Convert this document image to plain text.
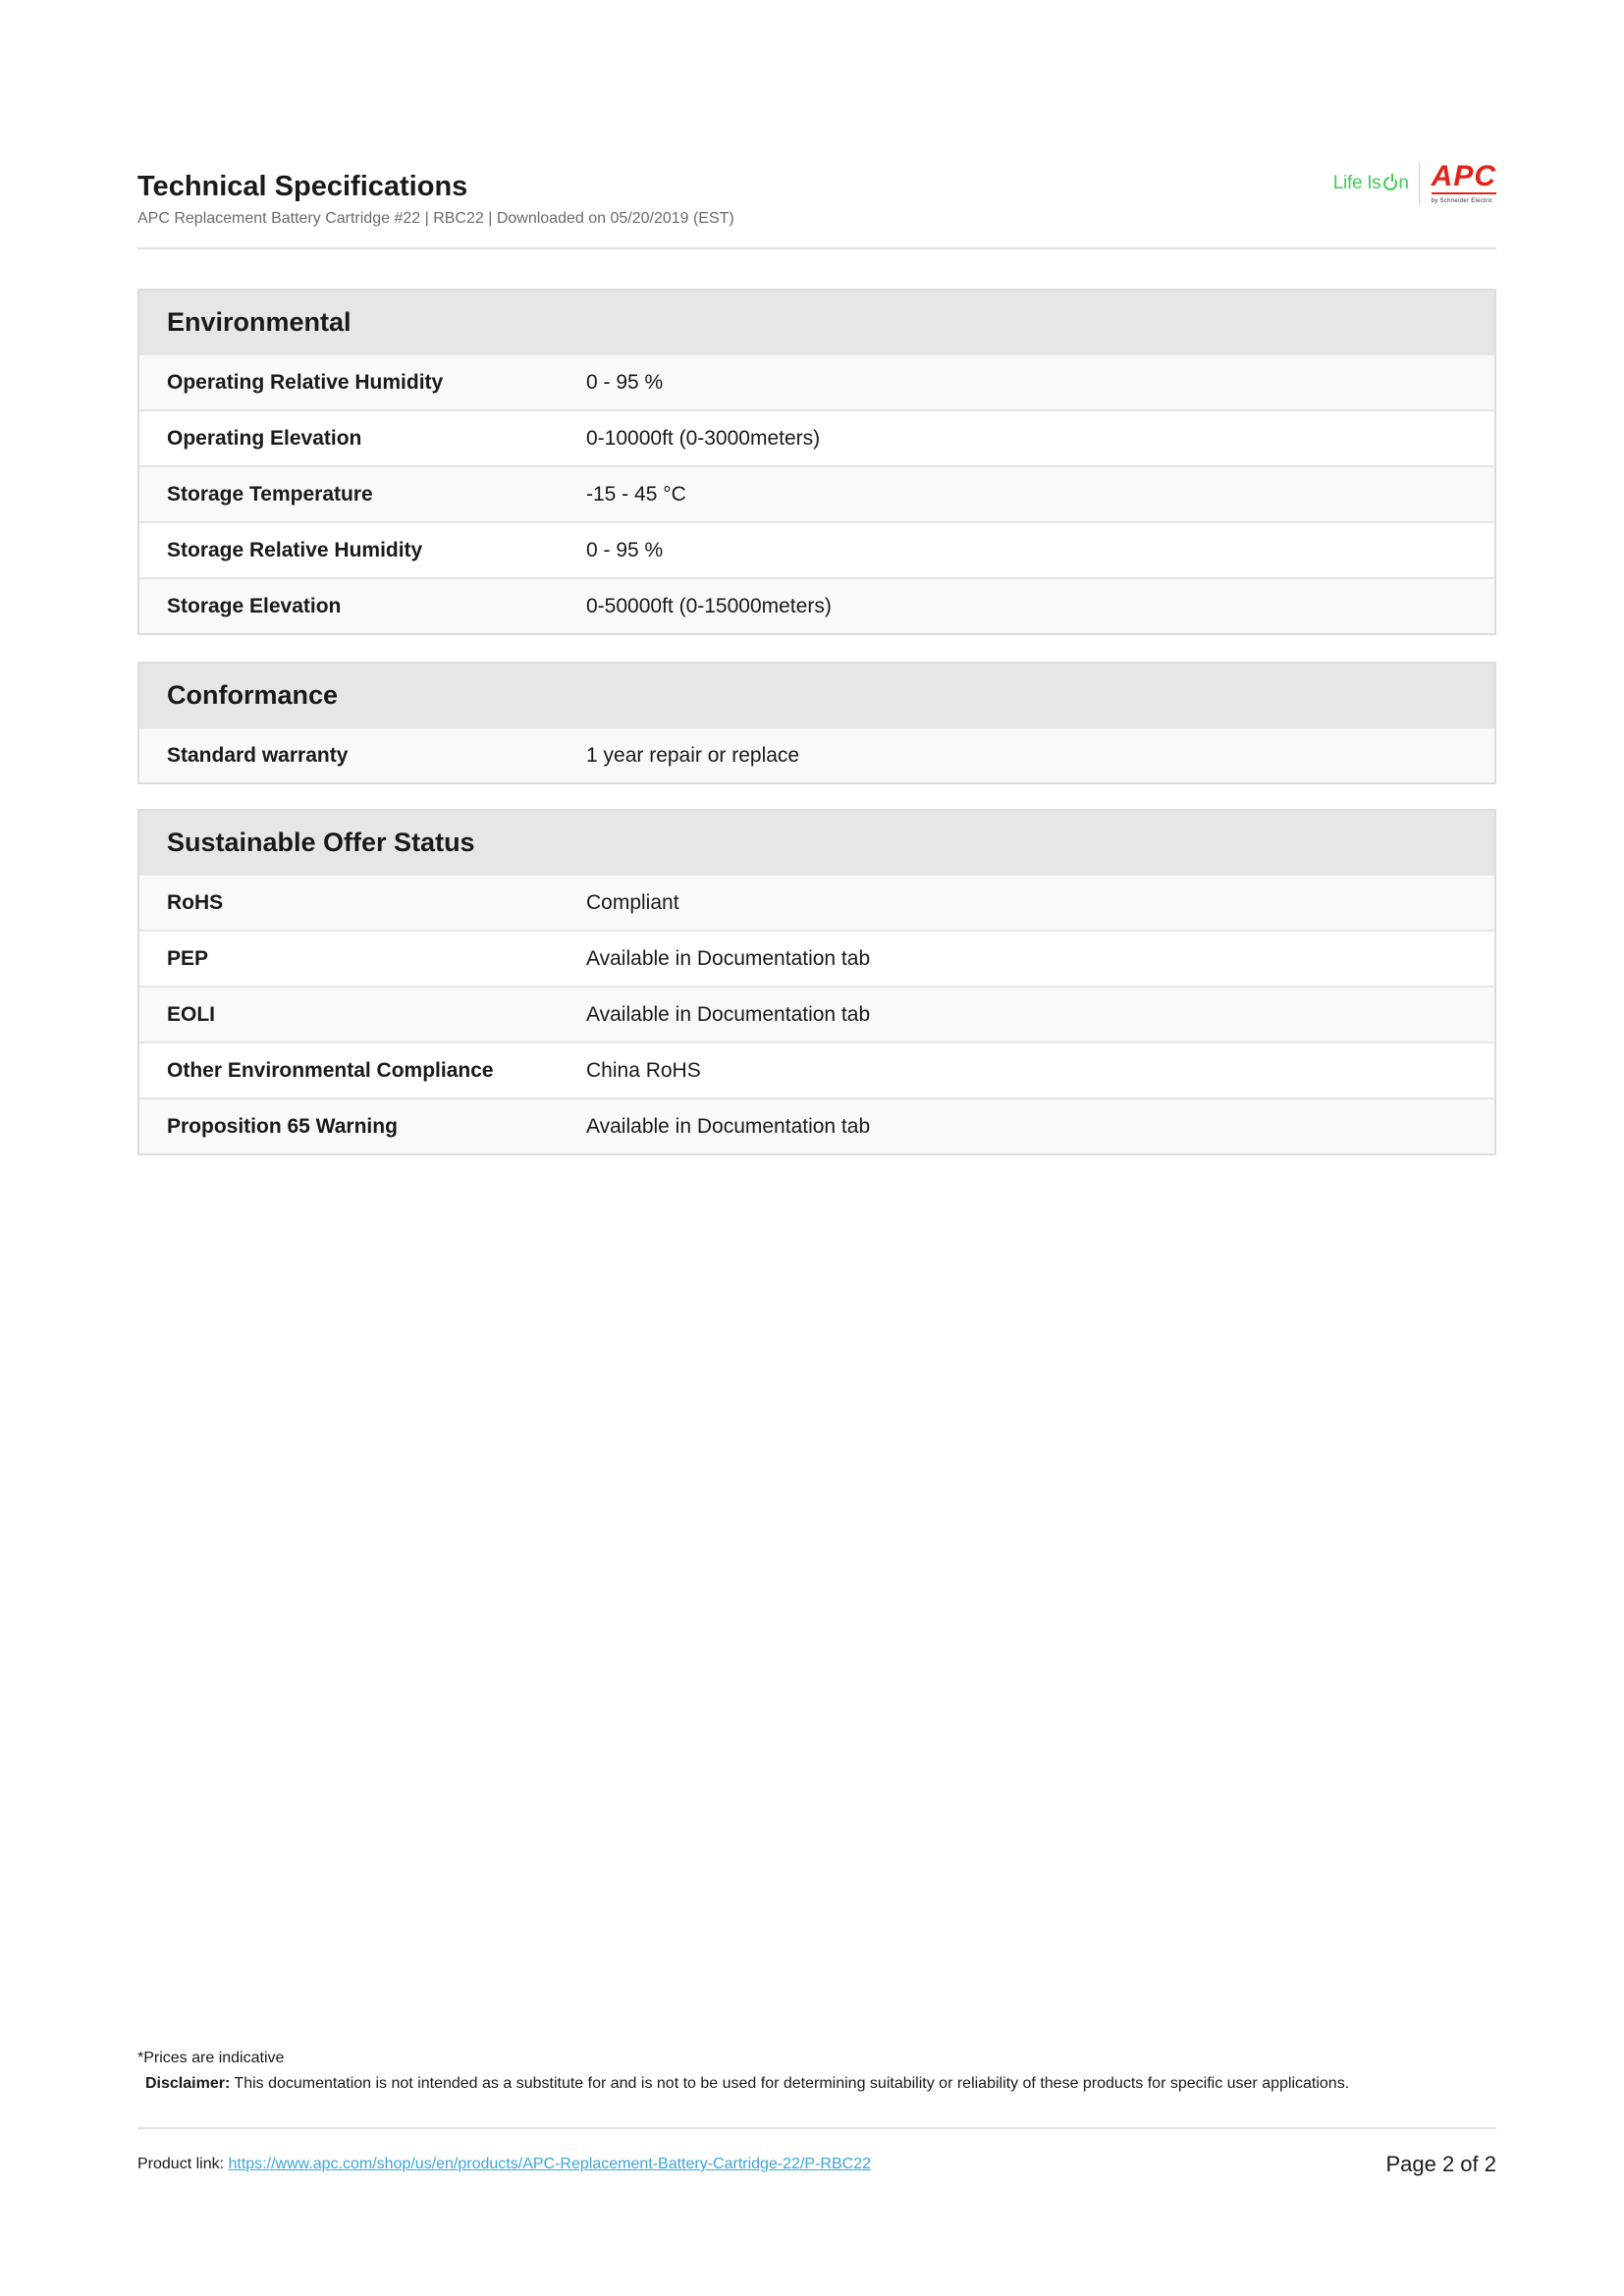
Technical Specifications
APC Replacement Battery Cartridge #22 | RBC22 | Downloaded on 05/20/2019 (EST)
Life Is n APC
by Schneider Electric
Environmental
Operating Relative Humidity	0 - 95 %
Operating Elevation	0-10000ft (0-3000meters)
Storage Temperature	-15 - 45 °C
Storage Relative Humidity	0 - 95 %
Storage Elevation	0-50000ft (0-15000meters)
Conformance
Standard warranty	1 year repair or replace
Sustainable Offer Status
RoHS	Compliant
PEP	Available in Documentation tab
EOLI	Available in Documentation tab
Other Environmental Compliance	China RoHS
Proposition 65 Warning	Available in Documentation tab
*Prices are indicative
Disclaimer: This documentation is not intended as a substitute for and is not to be used for determining suitability or reliability of these products for specific user applications.
Product link: https://www.apc.com/shop/us/en/products/APC-Replacement-Battery-Cartridge-22/P-RBC22	Page 2 of 2
